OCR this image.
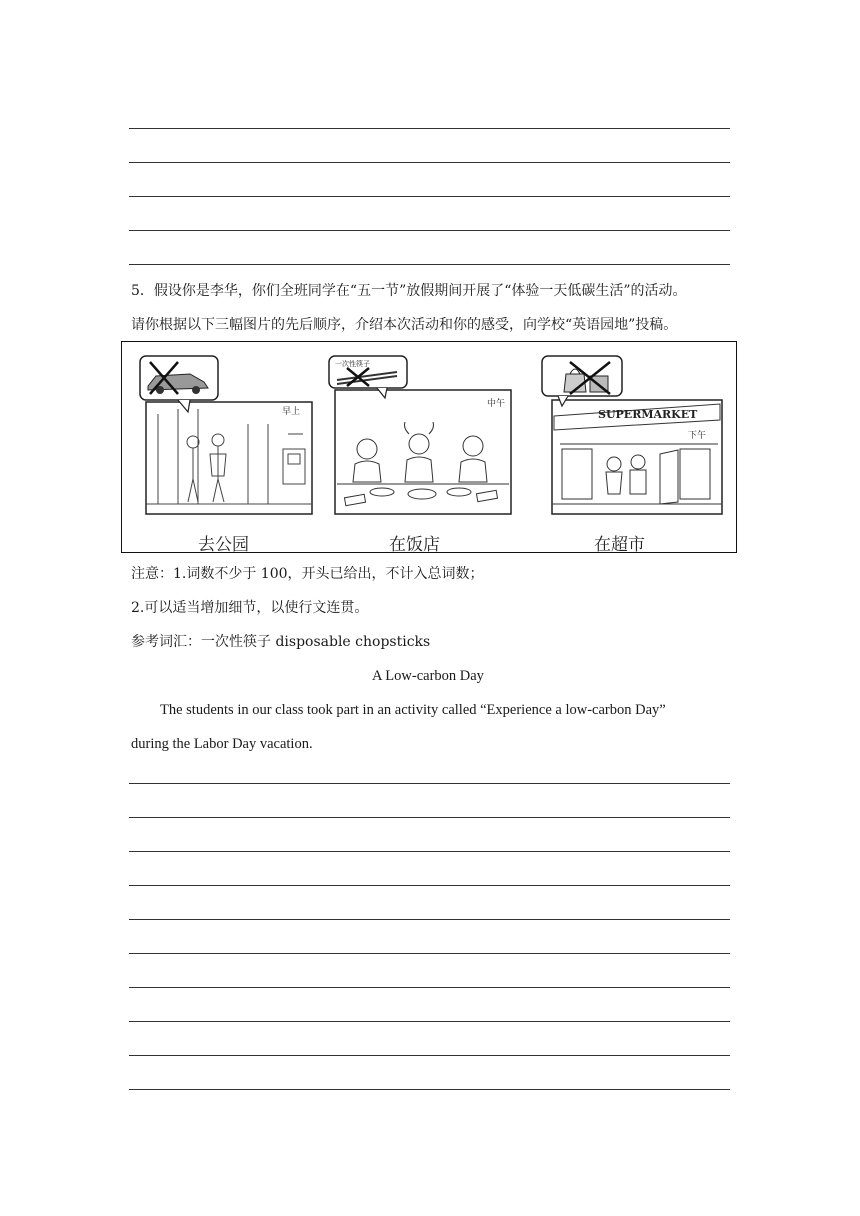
5．假设你是李华，你们全班同学在“五一节”放假期间开展了“体验一天低碳生活”的活动。
请你根据以下三幅图片的先后顺序，介绍本次活动和你的感受，向学校“英语园地”投稿。
早上
去公园
一次性筷子
中午
在饭店
SUPERMARKET
下午
在超市
注意：1.词数不少于 100，开头已给出，不计入总词数；
2.可以适当增加细节，以使行文连贯。
参考词汇：一次性筷子 disposable chopsticks
A Low-carbon Day
The students in our class took part in an activity called “Experience a low-carbon Day”
during the Labor Day vacation.
